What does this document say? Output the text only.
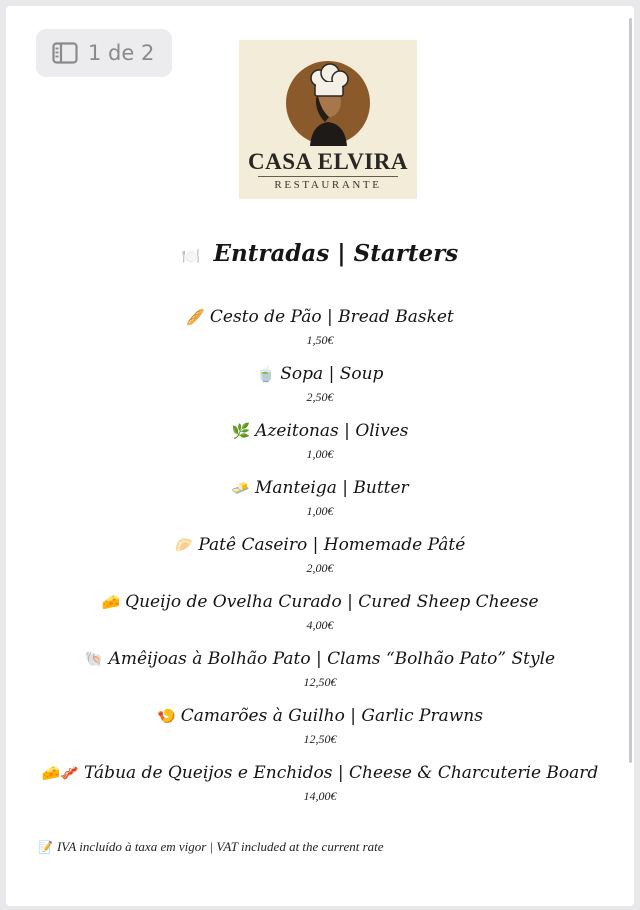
1 de 2
CASA ELVIRA
RESTAURANTE
🍽️ Entradas | Starters
🥖 Cesto de Pão | Bread Basket
1,50€
🍵 Sopa | Soup
2,50€
🌿 Azeitonas | Olives
1,00€
🧈 Manteiga | Butter
1,00€
🥟 Patê Caseiro | Homemade Pâté
2,00€
🧀 Queijo de Ovelha Curado | Cured Sheep Cheese
4,00€
🐚 Amêijoas à Bolhão Pato | Clams “Bolhão Pato” Style
12,50€
🍤 Camarões à Guilho | Garlic Prawns
12,50€
🧀🥓 Tábua de Queijos e Enchidos | Cheese & Charcuterie Board
14,00€
📝 IVA incluído à taxa em vigor | VAT included at the current rate
